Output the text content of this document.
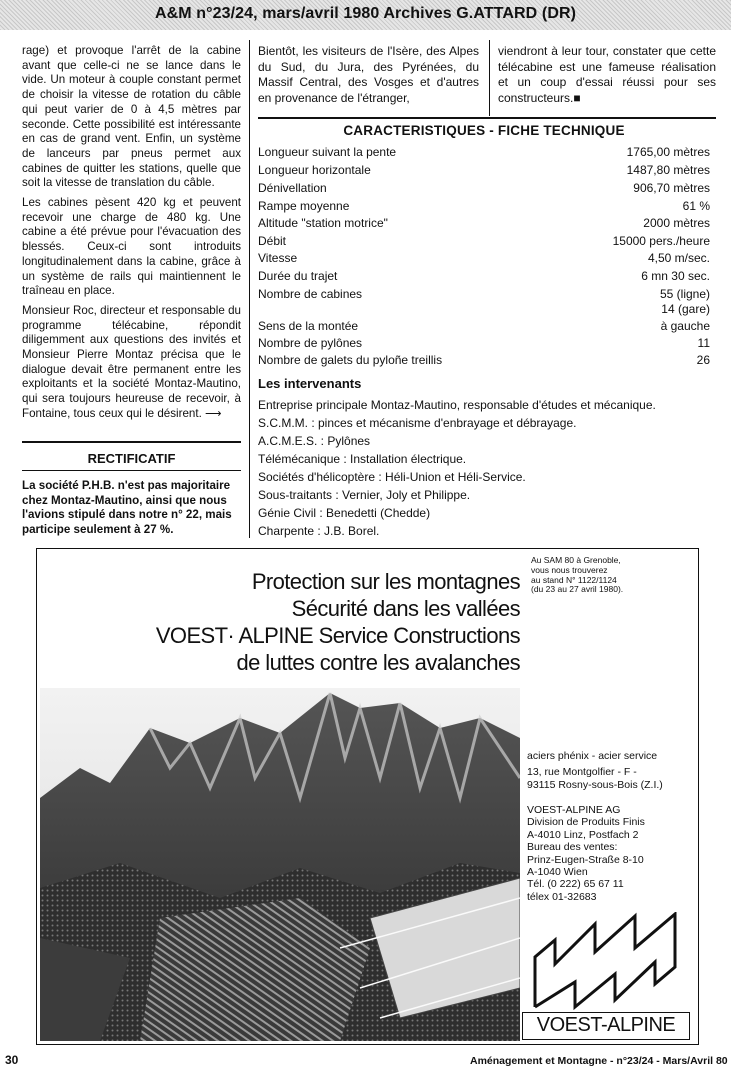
A&M n°23/24, mars/avril 1980 Archives G.ATTARD (DR)

rage) et provoque l'arrêt de la cabine avant que celle-ci ne se lance dans le vide. Un moteur à couple constant permet de choisir la vitesse de rotation du câble qui peut varier de 0 à 4,5 mètres par seconde. Cette possibilité est intéressante en cas de grand vent. Enfin, un système de lanceurs par pneus permet aux cabines de quitter les stations, quelle que soit la vitesse de translation du câble.

Les cabines pèsent 420 kg et peuvent recevoir une charge de 480 kg. Une cabine a été prévue pour l'évacuation des blessés. Ceux-ci sont introduits longitudinalement dans la cabine, grâce à un système de rails qui maintiennent le traîneau en place.

Monsieur Roc, directeur et responsable du programme télécabine, répondit diligemment aux questions des invités et Monsieur Pierre Montaz précisa que le dialogue devait être permanent entre les exploitants et la société Montaz-Mautino, qui sera toujours heureuse de recevoir, à Fontaine, tous ceux qui le désirent. ⟶

RECTIFICATIF
La société P.H.B. n'est pas majoritaire chez Montaz-Mautino, ainsi que nous l'avions stipulé dans notre n° 22, mais participe seulement à 27 %.
Bientôt, les visiteurs de l'Isère, des Alpes du Sud, du Jura, des Pyrénées, du Massif Central, des Vosges et d'autres en provenance de l'étranger,
viendront à leur tour, constater que cette télécabine est une fameuse réalisation et un coup d'essai réussi pour ses constructeurs.■
CARACTERISTIQUES - FICHE TECHNIQUE
Longueur suivant la pente	1765,00 mètres
Longueur horizontale	1487,80 mètres
Dénivellation	906,70 mètres
Rampe moyenne	61 %
Altitude "station motrice"	2000 mètres
Débit	15000 pers./heure
Vitesse	4,50 m/sec.
Durée du trajet	6 mn 30 sec.
Nombre de cabines	55 (ligne)
14 (gare)
Sens de la montée	à gauche
Nombre de pylônes	11
Nombre de galets du pyloñe treillis	26
Les intervenants
Entreprise principale Montaz-Mautino, responsable d'études et mécanique.
S.C.M.M. : pinces et mécanisme d'enbrayage et débrayage.
A.C.M.E.S. : Pylônes
Télémécanique : Installation électrique.
Sociétés d'hélicoptère : Héli-Union et Héli-Service.
Sous-traitants : Vernier, Joly et Philippe.
Génie Civil : Benedetti (Chedde)
Charpente : J.B. Borel.
Au SAM 80 à Grenoble,
vous nous trouverez
au stand N° 1122/1124
(du 23 au 27 avril 1980).
Protection sur les montagnes
Sécurité dans les vallées
VOEST· ALPINE Service Constructions
de luttes contre les avalanches
aciers phénix - acier service
13, rue Montgolfier - F -
93115 Rosny-sous-Bois (Z.I.)
VOEST-ALPINE AG
Division de Produits Finis
A-4010 Linz, Postfach 2
Bureau des ventes:
Prinz-Eugen-Straße 8-10
A-1040 Wien
Tél. (0 222) 65 67 11
télex 01-32683
VOEST-ALPINE
30	Aménagement et Montagne - n°23/24 - Mars/Avril 80
